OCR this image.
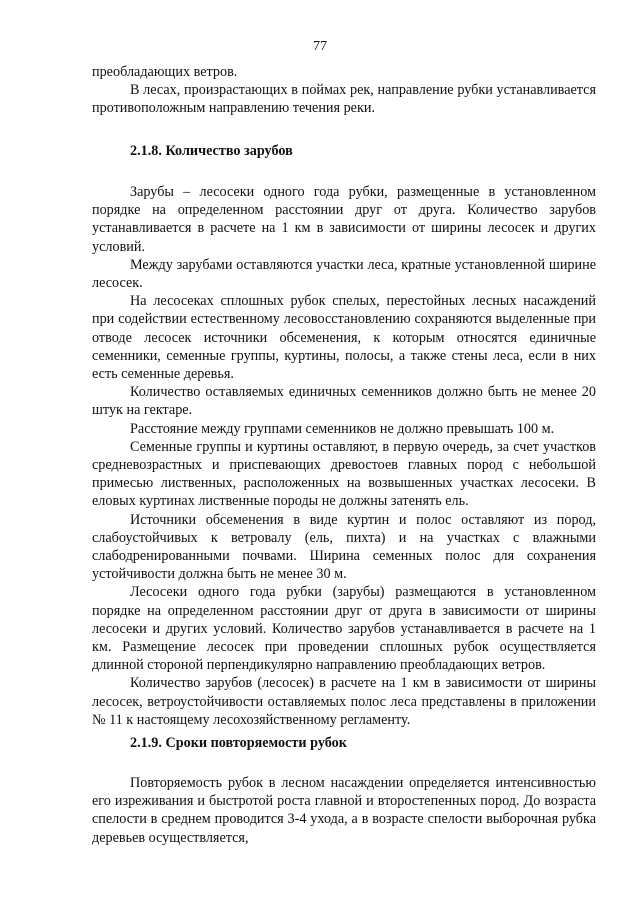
77

преобладающих ветров.

В лесах, произрастающих в поймах рек, направление рубки устанавливается противоположным направлению течения реки.

2.1.8. Количество зарубов

Зарубы – лесосеки одного года рубки, размещенные в установленном порядке на определенном расстоянии друг от друга. Количество зарубов устанавливается в расчете на 1 км в зависимости от ширины лесосек и других условий.

Между зарубами оставляются участки леса, кратные установленной ширине лесосек.

На лесосеках сплошных рубок спелых, перестойных лесных насаждений при содействии естественному лесовосстановлению сохраняются выделенные при отводе лесосек источники обсеменения, к которым относятся единичные семенники, семенные группы, куртины, полосы, а также стены леса, если в них есть семенные деревья.

Количество оставляемых единичных семенников должно быть не менее 20 штук на гектаре.

Расстояние между группами семенников не должно превышать 100 м.

Семенные группы и куртины оставляют, в первую очередь, за счет участков средневозрастных и приспевающих древостоев главных пород с небольшой примесью лиственных, расположенных на возвышенных участках лесосеки. В еловых куртинах лиственные породы не должны затенять ель.

Источники обсеменения в виде куртин и полос оставляют из пород, слабоустойчивых к ветровалу (ель, пихта) и на участках с влажными слабодренированными почвами. Ширина семенных полос для сохранения устойчивости должна быть не менее 30 м.

Лесосеки одного года рубки (зарубы) размещаются в установленном порядке на определенном расстоянии друг от друга в зависимости от ширины лесосеки и других условий. Количество зарубов устанавливается в расчете на 1 км. Размещение лесосек при проведении сплошных рубок осуществляется длинной стороной перпендикулярно направлению преобладающих ветров.

Количество зарубов (лесосек) в расчете на 1 км в зависимости от ширины лесосек, ветроустойчивости оставляемых полос леса представлены в приложении № 11 к настоящему лесохозяйственному регламенту.

2.1.9. Сроки повторяемости рубок

Повторяемость рубок в лесном насаждении определяется интенсивностью его изреживания и быстротой роста главной и второстепенных пород. До возраста спелости в среднем проводится 3-4 ухода, а в возрасте спелости выборочная рубка деревьев осуществляется,
